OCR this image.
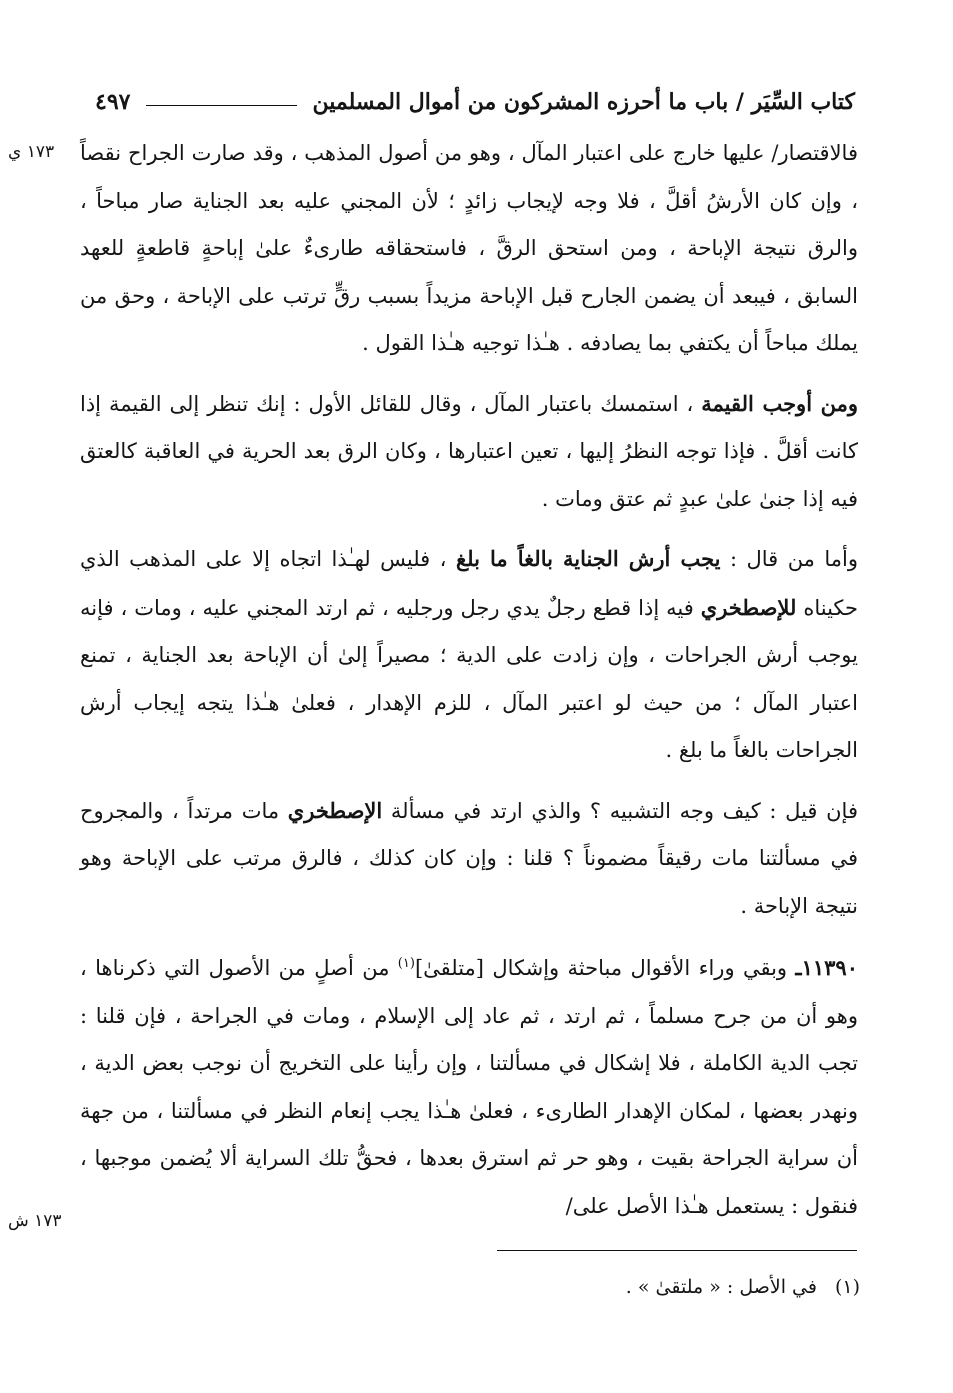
كتاب السِّيَر / باب ما أحرزه المشركون من أموال المسلمين
٤٩٧
١٧٣ ي
١٧٣ ش

فالاقتصار/ عليها خارج على اعتبار المآل ، وهو من أصول المذهب ، وقد صارت الجراح نقصاً ، وإن كان الأرشُ أقلَّ ، فلا وجه لإيجاب زائدٍ ؛ لأن المجني عليه بعد الجناية صار مباحاً ، والرق نتيجة الإباحة ، ومن استحق الرقَّ ، فاستحقاقه طارىءٌ علىٰ إباحةٍ قاطعةٍ للعهد السابق ، فيبعد أن يضمن الجارح قبل الإباحة مزيداً بسبب رقٍّ ترتب على الإباحة ، وحق من يملك مباحاً أن يكتفي بما يصادفه . هـٰذا توجيه هـٰذا القول .

ومن أوجب القيمة ، استمسك باعتبار المآل ، وقال للقائل الأول : إنك تنظر إلى القيمة إذا كانت أقلَّ . فإذا توجه النظرُ إليها ، تعين اعتبارها ، وكان الرق بعد الحرية في العاقبة كالعتق فيه إذا جنىٰ علىٰ عبدٍ ثم عتق ومات .

وأما من قال : يجب أرش الجناية بالغاً ما بلغ ، فليس لهـٰذا اتجاه إلا على المذهب الذي حكيناه للإصطخري فيه إذا قطع رجلٌ يدي رجل ورجليه ، ثم ارتد المجني عليه ، ومات ، فإنه يوجب أرش الجراحات ، وإن زادت على الدية ؛ مصيراً إلىٰ أن الإباحة بعد الجناية ، تمنع اعتبار المآل ؛ من حيث لو اعتبر المآل ، للزم الإهدار ، فعلىٰ هـٰذا يتجه إيجاب أرش الجراحات بالغاً ما بلغ .

فإن قيل : كيف وجه التشبيه ؟ والذي ارتد في مسألة الإصطخري مات مرتداً ، والمجروح في مسألتنا مات رقيقاً مضموناً ؟ قلنا : وإن كان كذلك ، فالرق مرتب على الإباحة وهو نتيجة الإباحة .

١١٣٩٠ـ وبقي وراء الأقوال مباحثة وإشكال [متلقىٰ]$^{(١)}$ من أصلٍ من الأصول التي ذكرناها ، وهو أن من جرح مسلماً ، ثم ارتد ، ثم عاد إلى الإسلام ، ومات في الجراحة ، فإن قلنا : تجب الدية الكاملة ، فلا إشكال في مسألتنا ، وإن رأينا على التخريج أن نوجب بعض الدية ، ونهدر بعضها ، لمكان الإهدار الطارىء ، فعلىٰ هـٰذا يجب إنعام النظر في مسألتنا ، من جهة أن سراية الجراحة بقيت ، وهو حر ثم استرق بعدها ، فحقُّ تلك السراية ألا يُضمن موجبها ، فنقول : يستعمل هـٰذا الأصل على/

(١)في الأصل : « ملتقىٰ » .
